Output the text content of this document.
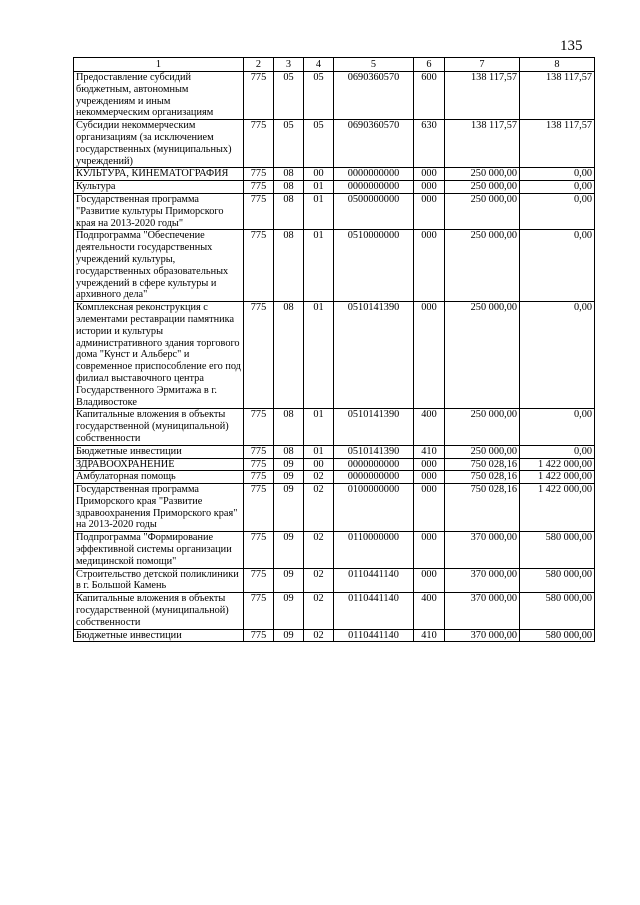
135
1	2	3	4	5	6	7	8
Предоставление субсидий бюджетным, автономным учреждениям и иным некоммерческим организациям	775	05	05	0690360570	600	138 117,57	138 117,57
Субсидии некоммерческим организациям (за исключением государственных (муниципальных) учреждений)	775	05	05	0690360570	630	138 117,57	138 117,57
КУЛЬТУРА, КИНЕМАТОГРАФИЯ	775	08	00	0000000000	000	250 000,00	0,00
Культура	775	08	01	0000000000	000	250 000,00	0,00
Государственная программа "Развитие культуры Приморского края на 2013-2020 годы"	775	08	01	0500000000	000	250 000,00	0,00
Подпрограмма "Обеспечение деятельности государственных учреждений культуры, государственных образовательных учреждений в сфере культуры и архивного дела"	775	08	01	0510000000	000	250 000,00	0,00
Комплексная реконструкция с элементами реставрации памятника истории и культуры административного здания торгового дома "Кунст и Альберс" и современное приспособление его под филиал выставочного центра Государственного Эрмитажа в г. Владивостоке	775	08	01	0510141390	000	250 000,00	0,00
Капитальные вложения в объекты государственной (муниципальной) собственности	775	08	01	0510141390	400	250 000,00	0,00
Бюджетные инвестиции	775	08	01	0510141390	410	250 000,00	0,00
ЗДРАВООХРАНЕНИЕ	775	09	00	0000000000	000	750 028,16	1 422 000,00
Амбулаторная помощь	775	09	02	0000000000	000	750 028,16	1 422 000,00
Государственная программа Приморского края "Развитие здравоохранения Приморского края" на 2013-2020 годы	775	09	02	0100000000	000	750 028,16	1 422 000,00
Подпрограмма "Формирование эффективной системы организации медицинской помощи"	775	09	02	0110000000	000	370 000,00	580 000,00
Строительство детской поликлиники в г. Большой Камень	775	09	02	0110441140	000	370 000,00	580 000,00
Капитальные вложения в объекты государственной (муниципальной) собственности	775	09	02	0110441140	400	370 000,00	580 000,00
Бюджетные инвестиции	775	09	02	0110441140	410	370 000,00	580 000,00
